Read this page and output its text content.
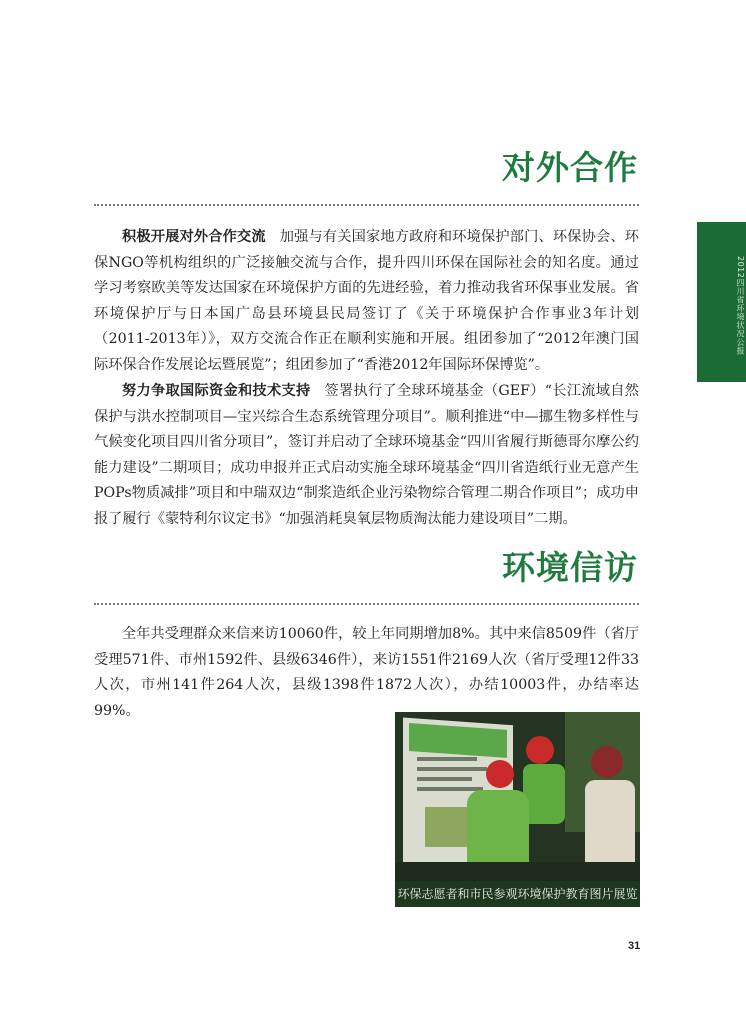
对外合作

积极开展对外合作交流 加强与有关国家地方政府和环境保护部门、环保协会、环保NGO等机构组织的广泛接触交流与合作，提升四川环保在国际社会的知名度。通过学习考察欧美等发达国家在环境保护方面的先进经验，着力推动我省环保事业发展。省环境保护厅与日本国广岛县环境县民局签订了《关于环境保护合作事业3年计划（2011-2013年）》，双方交流合作正在顺利实施和开展。组团参加了“2012年澳门国际环保合作发展论坛暨展览”；组团参加了“香港2012年国际环保博览”。

努力争取国际资金和技术支持 签署执行了全球环境基金（GEF）“长江流域自然保护与洪水控制项目—宝兴综合生态系统管理分项目”。顺利推进“中—挪生物多样性与气候变化项目四川省分项目”，签订并启动了全球环境基金“四川省履行斯德哥尔摩公约能力建设”二期项目；成功申报并正式启动实施全球环境基金“四川省造纸行业无意产生POPs物质减排”项目和中瑞双边“制浆造纸企业污染物综合管理二期合作项目”；成功申报了履行《蒙特利尔议定书》“加强消耗臭氧层物质淘汰能力建设项目”二期。

环境信访

全年共受理群众来信来访10060件，较上年同期增加8%。其中来信8509件（省厅受理571件、市州1592件、县级6346件），来访1551件2169人次（省厅受理12件33人次，市州141件264人次，县级1398件1872人次），办结10003件，办结率达99%。

2012四川省环境状况公报
环保志愿者和市民参观环境保护教育图片展览
31
